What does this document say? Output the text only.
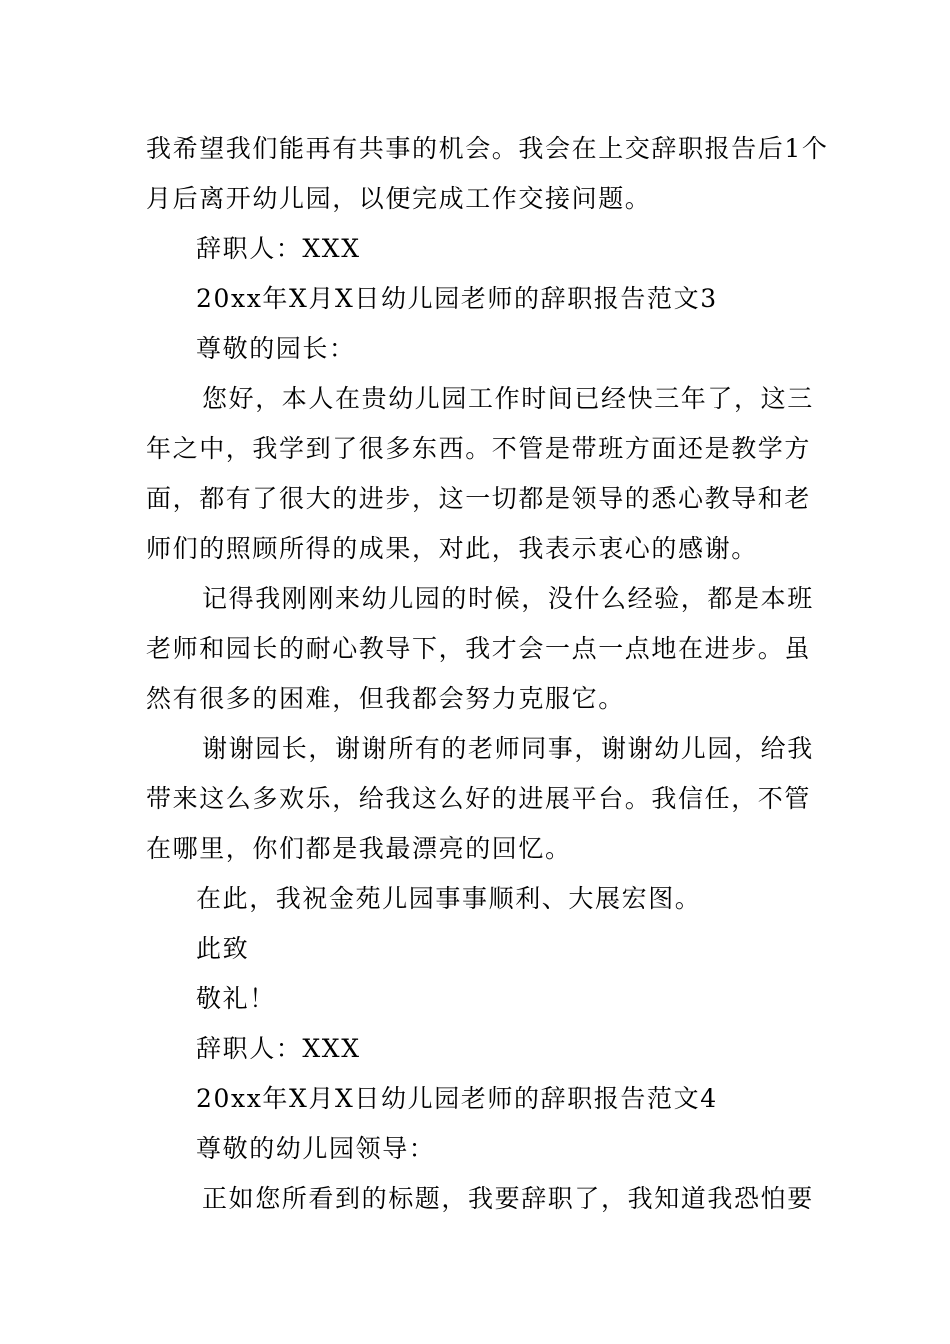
我希望我们能再有共事的机会。我会在上交辞职报告后1个
月后离开幼儿园，以便完成工作交接问题。
辞职人：XXX
20xx年X月X日幼儿园老师的辞职报告范文3
尊敬的园长：
您好，本人在贵幼儿园工作时间已经快三年了，这三
年之中，我学到了很多东西。不管是带班方面还是教学方
面，都有了很大的进步，这一切都是领导的悉心教导和老
师们的照顾所得的成果，对此，我表示衷心的感谢。
记得我刚刚来幼儿园的时候，没什么经验，都是本班
老师和园长的耐心教导下，我才会一点一点地在进步。虽
然有很多的困难，但我都会努力克服它。
谢谢园长，谢谢所有的老师同事，谢谢幼儿园，给我
带来这么多欢乐，给我这么好的进展平台。我信任，不管
在哪里，你们都是我最漂亮的回忆。
在此，我祝金苑儿园事事顺利、大展宏图。
此致
敬礼！
辞职人：XXX
20xx年X月X日幼儿园老师的辞职报告范文4
尊敬的幼儿园领导：
正如您所看到的标题，我要辞职了，我知道我恐怕要
